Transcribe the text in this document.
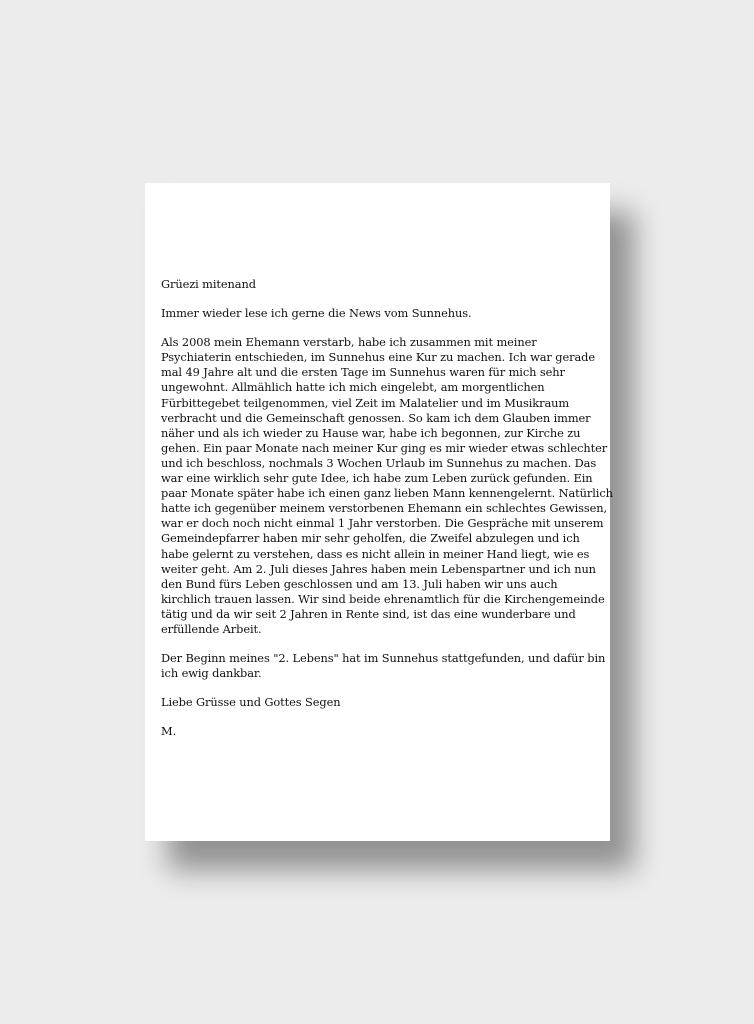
Grüezi mitenand

Immer wieder lese ich gerne die News vom Sunnehus.

Als 2008 mein Ehemann verstarb, habe ich zusammen mit meiner
Psychiaterin entschieden, im Sunnehus eine Kur zu machen. Ich war gerade
mal 49 Jahre alt und die ersten Tage im Sunnehus waren für mich sehr
ungewohnt. Allmählich hatte ich mich eingelebt, am morgentlichen
Fürbittegebet teilgenommen, viel Zeit im Malatelier und im Musikraum
verbracht und die Gemeinschaft genossen. So kam ich dem Glauben immer
näher und als ich wieder zu Hause war, habe ich begonnen, zur Kirche zu
gehen. Ein paar Monate nach meiner Kur ging es mir wieder etwas schlechter
und ich beschloss, nochmals 3 Wochen Urlaub im Sunnehus zu machen. Das
war eine wirklich sehr gute Idee, ich habe zum Leben zurück gefunden. Ein
paar Monate später habe ich einen ganz lieben Mann kennengelernt. Natürlich
hatte ich gegenüber meinem verstorbenen Ehemann ein schlechtes Gewissen,
war er doch noch nicht einmal 1 Jahr verstorben. Die Gespräche mit unserem
Gemeindepfarrer haben mir sehr geholfen, die Zweifel abzulegen und ich
habe gelernt zu verstehen, dass es nicht allein in meiner Hand liegt, wie es
weiter geht. Am 2. Juli dieses Jahres haben mein Lebenspartner und ich nun
den Bund fürs Leben geschlossen und am 13. Juli haben wir uns auch
kirchlich trauen lassen. Wir sind beide ehrenamtlich für die Kirchengemeinde
tätig und da wir seit 2 Jahren in Rente sind, ist das eine wunderbare und
erfüllende Arbeit.

Der Beginn meines "2. Lebens" hat im Sunnehus stattgefunden, und dafür bin
ich ewig dankbar.

Liebe Grüsse und Gottes Segen

M.
